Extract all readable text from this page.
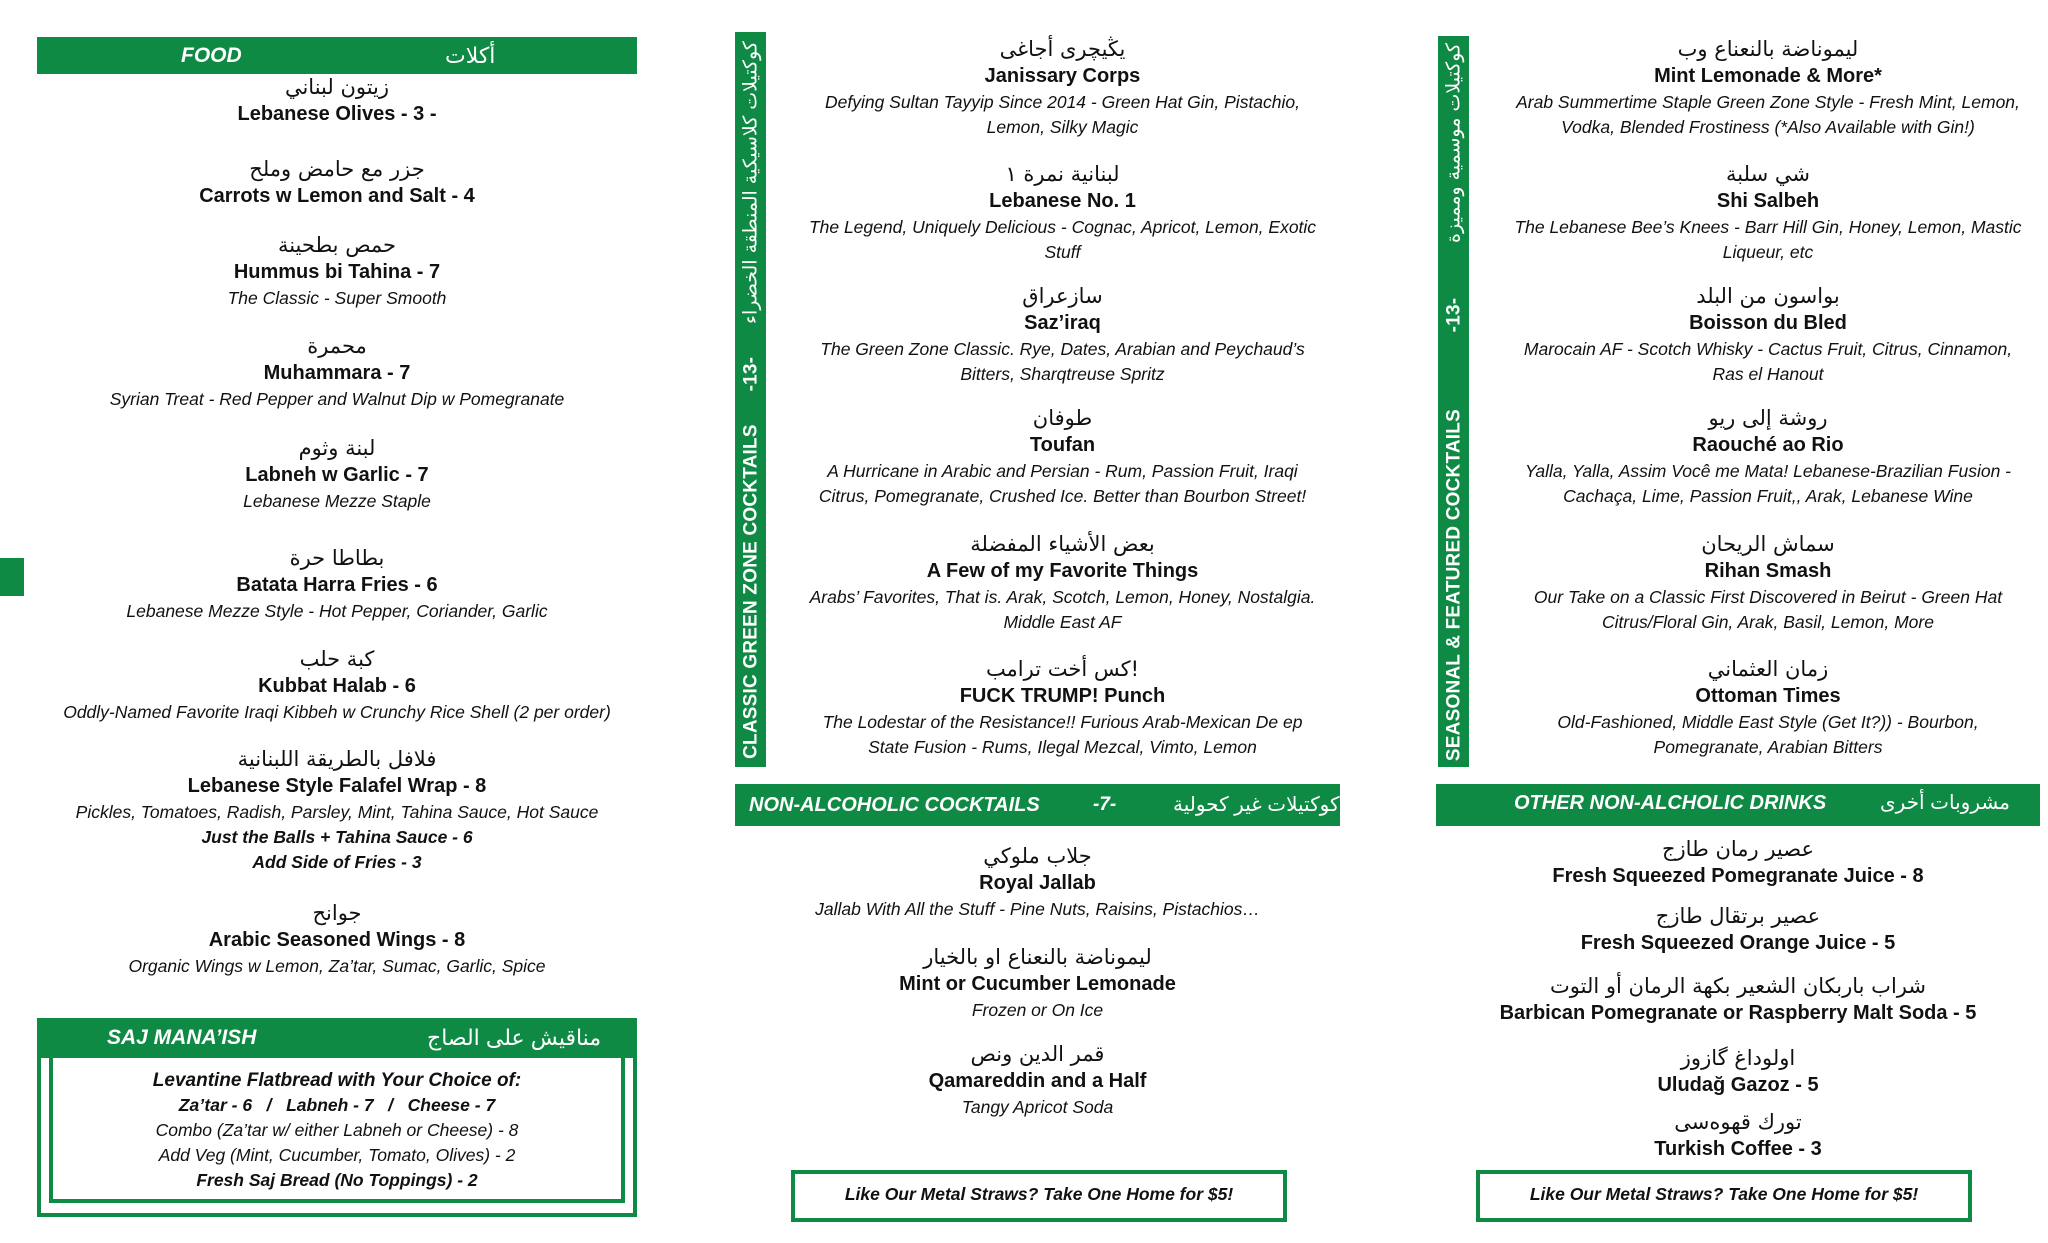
FOOD	أكلات
زيتون لبناني
Lebanese Olives - 3 -
جزر مع حامض وملح
Carrots w Lemon and Salt - 4
حمص بطحينة
Hummus bi Tahina - 7
The Classic - Super Smooth
محمرة
Muhammara - 7
Syrian Treat - Red Pepper and Walnut Dip w Pomegranate
لبنة وثوم
Labneh w Garlic - 7
Lebanese Mezze Staple
بطاطا حرة
Batata Harra Fries - 6
Lebanese Mezze Style - Hot Pepper, Coriander, Garlic
كبة حلب
Kubbat Halab - 6
Oddly-Named Favorite Iraqi Kibbeh w Crunchy Rice Shell (2 per order)
فلافل بالطريقة اللبنانية
Lebanese Style Falafel Wrap - 8
Pickles, Tomatoes, Radish, Parsley, Mint, Tahina Sauce, Hot Sauce
Just the Balls + Tahina Sauce - 6
Add Side of Fries - 3
جوانح
Arabic Seasoned Wings - 8
Organic Wings w Lemon, Za’tar, Sumac, Garlic, Spice
SAJ MANA’ISH	مناقيش على الصاج
Levantine Flatbread with Your Choice of:
Za’tar - 6   /   Labneh - 7   /   Cheese - 7
Combo (Za’tar w/ either Labneh or Cheese) - 8
Add Veg (Mint, Cucumber, Tomato, Olives) - 2
Fresh Saj Bread (No Toppings) - 2
CLASSIC GREEN ZONE COCKTAILS      -13-      كوكتيلات كلاسيكية المنطقة الخضراء	يڭيچرى أجاغى
Janissary Corps
Defying Sultan Tayyip Since 2014 - Green Hat Gin, Pistachio,
Lemon, Silky Magic
لبنانية نمرة ١
Lebanese No. 1
The Legend, Uniquely Delicious - Cognac, Apricot, Lemon, Exotic
Stuff
سازعراق
Saz’iraq
The Green Zone Classic. Rye, Dates, Arabian and Peychaud’s
Bitters, Sharqtreuse Spritz
طوفان
Toufan
A Hurricane in Arabic and Persian - Rum, Passion Fruit, Iraqi
Citrus, Pomegranate, Crushed Ice. Better than Bourbon Street!
بعض الأشياء المفضلة
A Few of my Favorite Things
Arabs’ Favorites, That is. Arak, Scotch, Lemon, Honey, Nostalgia.
Middle East AF
كس أخت ترامب!
FUCK TRUMP! Punch
The Lodestar of the Resistance!! Furious Arab-Mexican De ep
State Fusion - Rums, Ilegal Mezcal, Vimto, Lemon
NON-ALCOHOLIC COCKTAILS	-7-	كوكتيلات غير كحولية
جلاب ملوكي
Royal Jallab
Jallab With All the Stuff - Pine Nuts, Raisins, Pistachios…
ليموناضة بالنعناع او بالخيار
Mint or Cucumber Lemonade
Frozen or On Ice
قمر الدين ونص
Qamareddin and a Half
Tangy Apricot Soda
Like Our Metal Straws? Take One Home for $5!
SEASONAL & FEATURED COCKTAILS              -13-          كوكتيلات موسمية ومميزة	ليموناضة بالنعناع وب
Mint Lemonade & More*
Arab Summertime Staple Green Zone Style - Fresh Mint, Lemon,
Vodka, Blended Frostiness (*Also Available with Gin!)
شي سلبة
Shi Salbeh
The Lebanese Bee’s Knees - Barr Hill Gin, Honey, Lemon, Mastic
Liqueur, etc
بواسون من البلد
Boisson du Bled
Marocain AF - Scotch Whisky - Cactus Fruit, Citrus, Cinnamon,
Ras el Hanout
روشة إلى ريو
Raouché ao Rio
Yalla, Yalla, Assim Você me Mata! Lebanese-Brazilian Fusion -
Cachaça, Lime, Passion Fruit,, Arak, Lebanese Wine
سماش الريحان
Rihan Smash
Our Take on a Classic First Discovered in Beirut - Green Hat
Citrus/Floral Gin, Arak, Basil, Lemon, More
زمان العثماني
Ottoman Times
Old-Fashioned, Middle East Style (Get It?)) - Bourbon,
Pomegranate, Arabian Bitters
OTHER NON-ALCHOLIC DRINKS	مشروبات أخرى غير
عصير رمان طازج
Fresh Squeezed Pomegranate Juice - 8
عصير برتقال طازج
Fresh Squeezed Orange Juice - 5
شراب باربكان الشعير بكهة الرمان أو التوت
Barbican Pomegranate or Raspberry Malt Soda - 5
اولوداغ گازوز
Uludağ Gazoz - 5
تورك قهوەسى
Turkish Coffee - 3
Like Our Metal Straws? Take One Home for $5!
